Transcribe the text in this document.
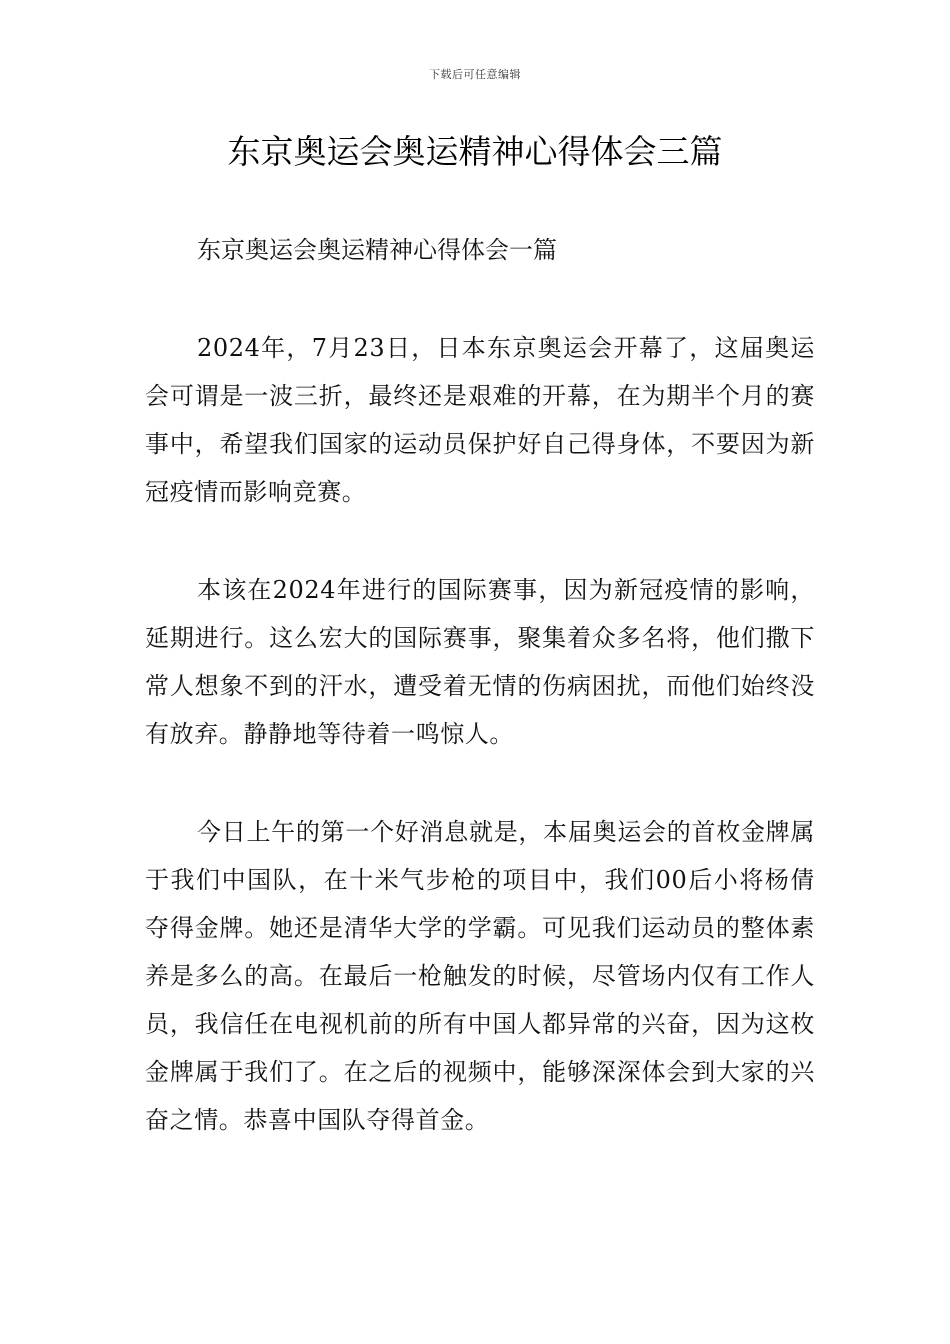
下载后可任意编辑
东京奥运会奥运精神心得体会三篇
东京奥运会奥运精神心得体会一篇

2024年，7月23日，日本东京奥运会开幕了，这届奥运会可谓是一波三折，最终还是艰难的开幕，在为期半个月的赛事中，希望我们国家的运动员保护好自己得身体，不要因为新冠疫情而影响竞赛。

本该在2024年进行的国际赛事，因为新冠疫情的影响，延期进行。这么宏大的国际赛事，聚集着众多名将，他们撒下常人想象不到的汗水，遭受着无情的伤病困扰，而他们始终没有放弃。静静地等待着一鸣惊人。

今日上午的第一个好消息就是，本届奥运会的首枚金牌属于我们中国队，在十米气步枪的项目中，我们00后小将杨倩夺得金牌。她还是清华大学的学霸。可见我们运动员的整体素养是多么的高。在最后一枪触发的时候，尽管场内仅有工作人员，我信任在电视机前的所有中国人都异常的兴奋，因为这枚金牌属于我们了。在之后的视频中，能够深深体会到大家的兴奋之情。恭喜中国队夺得首金。
